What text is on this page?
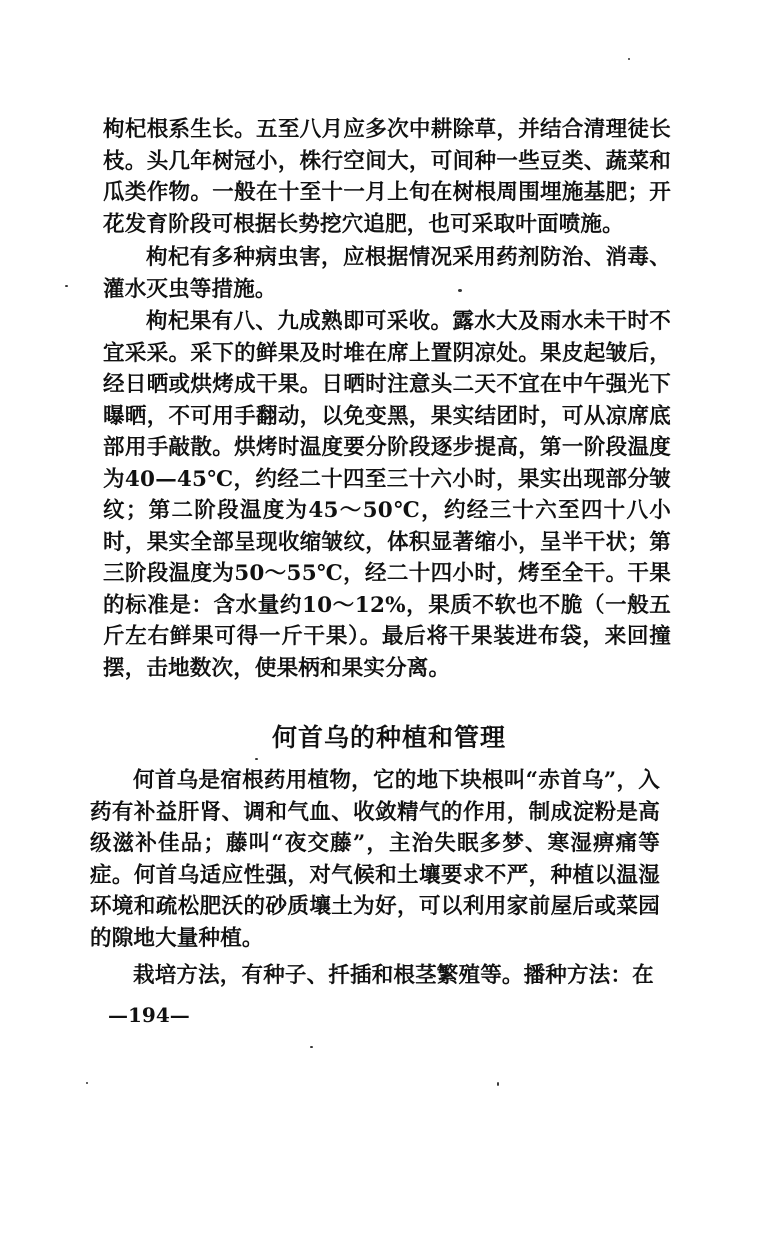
枸杞根系生长。五至八月应多次中耕除草，并结合清理徒长枝。头几年树冠小，株行空间大，可间种一些豆类、蔬菜和瓜类作物。一般在十至十一月上旬在树根周围埋施基肥；开花发育阶段可根据长势挖穴追肥，也可采取叶面喷施。

枸杞有多种病虫害，应根据情况采用药剂防治、消毒、灌水灭虫等措施。

枸杞果有八、九成熟即可采收。露水大及雨水未干时不宜采采。采下的鲜果及时堆在席上置阴凉处。果皮起皱后，经日晒或烘烤成干果。日晒时注意头二天不宜在中午强光下曝晒，不可用手翻动，以免变黑，果实结团时，可从凉席底部用手敲散。烘烤时温度要分阶段逐步提高，第一阶段温度为40—45℃，约经二十四至三十六小时，果实出现部分皱纹；第二阶段温度为45～50℃，约经三十六至四十八小时，果实全部呈现收缩皱纹，体积显著缩小，呈半干状；第三阶段温度为50～55℃，经二十四小时，烤至全干。干果的标准是：含水量约10～12%，果质不软也不脆（一般五斤左右鲜果可得一斤干果）。最后将干果装进布袋，来回撞摆，击地数次，使果柄和果实分离。

何首乌的种植和管理

何首乌是宿根药用植物，它的地下块根叫“赤首乌”，入药有补益肝肾、调和气血、收敛精气的作用，制成淀粉是高级滋补佳品；藤叫“夜交藤”，主治失眠多梦、寒湿痹痛等症。何首乌适应性强，对气候和土壤要求不严，种植以温湿环境和疏松肥沃的砂质壤土为好，可以利用家前屋后或菜园的隙地大量种植。

栽培方法，有种子、扦插和根茎繁殖等。播种方法：在

—194—
